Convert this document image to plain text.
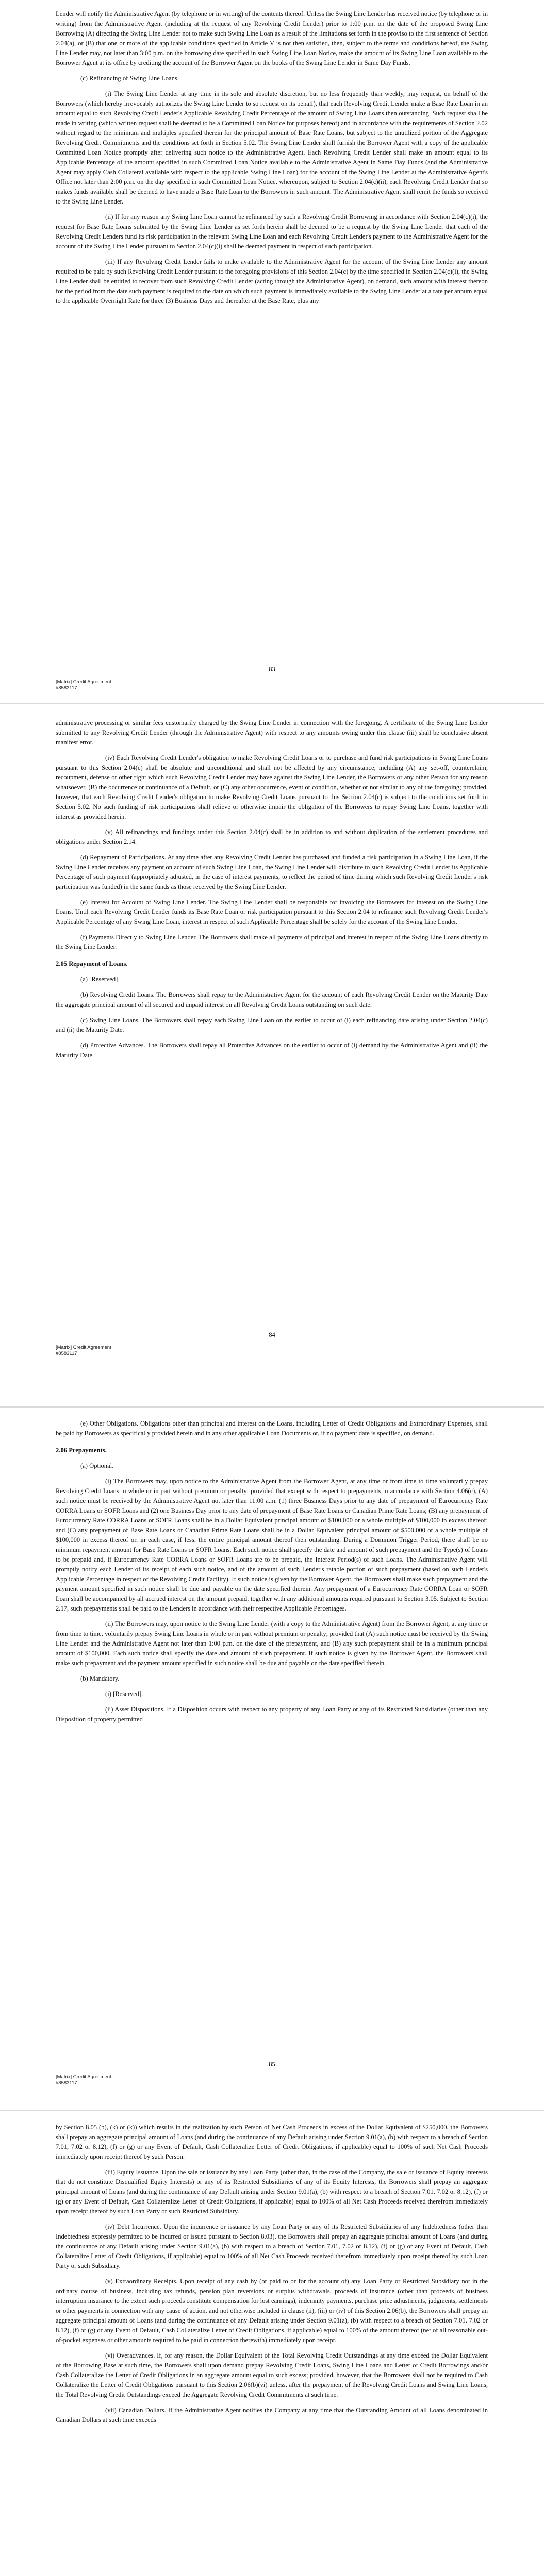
Lender will notify the Administrative Agent (by telephone or in writing) of the contents thereof. Unless the Swing Line Lender has received notice (by telephone or in writing) from the Administrative Agent (including at the request of any Revolving Credit Lender) prior to 1:00 p.m. on the date of the proposed Swing Line Borrowing (A) directing the Swing Line Lender not to make such Swing Line Loan as a result of the limitations set forth in the proviso to the first sentence of Section 2.04(a), or (B) that one or more of the applicable conditions specified in Article V is not then satisfied, then, subject to the terms and conditions hereof, the Swing Line Lender may, not later than 3:00 p.m. on the borrowing date specified in such Swing Line Loan Notice, make the amount of its Swing Line Loan available to the Borrower Agent at its office by crediting the account of the Borrower Agent on the books of the Swing Line Lender in Same Day Funds.

(c) Refinancing of Swing Line Loans.

(i) The Swing Line Lender at any time in its sole and absolute discretion, but no less frequently than weekly, may request, on behalf of the Borrowers (which hereby irrevocably authorizes the Swing Line Lender to so request on its behalf), that each Revolving Credit Lender make a Base Rate Loan in an amount equal to such Revolving Credit Lender's Applicable Revolving Credit Percentage of the amount of Swing Line Loans then outstanding. Such request shall be made in writing (which written request shall be deemed to be a Committed Loan Notice for purposes hereof) and in accordance with the requirements of Section 2.02 without regard to the minimum and multiples specified therein for the principal amount of Base Rate Loans, but subject to the unutilized portion of the Aggregate Revolving Credit Commitments and the conditions set forth in Section 5.02. The Swing Line Lender shall furnish the Borrower Agent with a copy of the applicable Committed Loan Notice promptly after delivering such notice to the Administrative Agent. Each Revolving Credit Lender shall make an amount equal to its Applicable Percentage of the amount specified in such Committed Loan Notice available to the Administrative Agent in Same Day Funds (and the Administrative Agent may apply Cash Collateral available with respect to the applicable Swing Line Loan) for the account of the Swing Line Lender at the Administrative Agent's Office not later than 2:00 p.m. on the day specified in such Committed Loan Notice, whereupon, subject to Section 2.04(c)(ii), each Revolving Credit Lender that so makes funds available shall be deemed to have made a Base Rate Loan to the Borrowers in such amount. The Administrative Agent shall remit the funds so received to the Swing Line Lender.

(ii) If for any reason any Swing Line Loan cannot be refinanced by such a Revolving Credit Borrowing in accordance with Section 2.04(c)(i), the request for Base Rate Loans submitted by the Swing Line Lender as set forth herein shall be deemed to be a request by the Swing Line Lender that each of the Revolving Credit Lenders fund its risk participation in the relevant Swing Line Loan and each Revolving Credit Lender's payment to the Administrative Agent for the account of the Swing Line Lender pursuant to Section 2.04(c)(i) shall be deemed payment in respect of such participation.

(iii) If any Revolving Credit Lender fails to make available to the Administrative Agent for the account of the Swing Line Lender any amount required to be paid by such Revolving Credit Lender pursuant to the foregoing provisions of this Section 2.04(c) by the time specified in Section 2.04(c)(i), the Swing Line Lender shall be entitled to recover from such Revolving Credit Lender (acting through the Administrative Agent), on demand, such amount with interest thereon for the period from the date such payment is required to the date on which such payment is immediately available to the Swing Line Lender at a rate per annum equal to the applicable Overnight Rate for three (3) Business Days and thereafter at the Base Rate, plus any

83
[Matrix] Credit Agreement
#8583117

administrative processing or similar fees customarily charged by the Swing Line Lender in connection with the foregoing. A certificate of the Swing Line Lender submitted to any Revolving Credit Lender (through the Administrative Agent) with respect to any amounts owing under this clause (iii) shall be conclusive absent manifest error.

(iv) Each Revolving Credit Lender's obligation to make Revolving Credit Loans or to purchase and fund risk participations in Swing Line Loans pursuant to this Section 2.04(c) shall be absolute and unconditional and shall not be affected by any circumstance, including (A) any set-off, counterclaim, recoupment, defense or other right which such Revolving Credit Lender may have against the Swing Line Lender, the Borrowers or any other Person for any reason whatsoever, (B) the occurrence or continuance of a Default, or (C) any other occurrence, event or condition, whether or not similar to any of the foregoing; provided, however, that each Revolving Credit Lender's obligation to make Revolving Credit Loans pursuant to this Section 2.04(c) is subject to the conditions set forth in Section 5.02. No such funding of risk participations shall relieve or otherwise impair the obligation of the Borrowers to repay Swing Line Loans, together with interest as provided herein.

(v) All refinancings and fundings under this Section 2.04(c) shall be in addition to and without duplication of the settlement procedures and obligations under Section 2.14.

(d) Repayment of Participations. At any time after any Revolving Credit Lender has purchased and funded a risk participation in a Swing Line Loan, if the Swing Line Lender receives any payment on account of such Swing Line Loan, the Swing Line Lender will distribute to such Revolving Credit Lender its Applicable Percentage of such payment (appropriately adjusted, in the case of interest payments, to reflect the period of time during which such Revolving Credit Lender's risk participation was funded) in the same funds as those received by the Swing Line Lender.

(e) Interest for Account of Swing Line Lender. The Swing Line Lender shall be responsible for invoicing the Borrowers for interest on the Swing Line Loans. Until each Revolving Credit Lender funds its Base Rate Loan or risk participation pursuant to this Section 2.04 to refinance such Revolving Credit Lender's Applicable Percentage of any Swing Line Loan, interest in respect of such Applicable Percentage shall be solely for the account of the Swing Line Lender.

(f) Payments Directly to Swing Line Lender. The Borrowers shall make all payments of principal and interest in respect of the Swing Line Loans directly to the Swing Line Lender.

2.05 Repayment of Loans.

(a) [Reserved]

(b) Revolving Credit Loans. The Borrowers shall repay to the Administrative Agent for the account of each Revolving Credit Lender on the Maturity Date the aggregate principal amount of all secured and unpaid interest on all Revolving Credit Loans outstanding on such date.

(c) Swing Line Loans. The Borrowers shall repay each Swing Line Loan on the earlier to occur of (i) each refinancing date arising under Section 2.04(c) and (ii) the Maturity Date.

(d) Protective Advances. The Borrowers shall repay all Protective Advances on the earlier to occur of (i) demand by the Administrative Agent and (ii) the Maturity Date.

84
[Matrix] Credit Agreement
#8583117

(e) Other Obligations. Obligations other than principal and interest on the Loans, including Letter of Credit Obligations and Extraordinary Expenses, shall be paid by Borrowers as specifically provided herein and in any other applicable Loan Documents or, if no payment date is specified, on demand.

2.06 Prepayments.

(a) Optional.

(i) The Borrowers may, upon notice to the Administrative Agent from the Borrower Agent, at any time or from time to time voluntarily prepay Revolving Credit Loans in whole or in part without premium or penalty; provided that except with respect to prepayments in accordance with Section 4.06(c), (A) such notice must be received by the Administrative Agent not later than 11:00 a.m. (1) three Business Days prior to any date of prepayment of Eurocurrency Rate CORRA Loans or SOFR Loans and (2) one Business Day prior to any date of prepayment of Base Rate Loans or Canadian Prime Rate Loans; (B) any prepayment of Eurocurrency Rate CORRA Loans or SOFR Loans shall be in a Dollar Equivalent principal amount of $100,000 or a whole multiple of $100,000 in excess thereof; and (C) any prepayment of Base Rate Loans or Canadian Prime Rate Loans shall be in a Dollar Equivalent principal amount of $500,000 or a whole multiple of $100,000 in excess thereof or, in each case, if less, the entire principal amount thereof then outstanding. During a Dominion Trigger Period, there shall be no minimum repayment amount for Base Rate Loans or SOFR Loans. Each such notice shall specify the date and amount of such prepayment and the Type(s) of Loans to be prepaid and, if Eurocurrency Rate CORRA Loans or SOFR Loans are to be prepaid, the Interest Period(s) of such Loans. The Administrative Agent will promptly notify each Lender of its receipt of each such notice, and of the amount of such Lender's ratable portion of such prepayment (based on such Lender's Applicable Percentage in respect of the Revolving Credit Facility). If such notice is given by the Borrower Agent, the Borrowers shall make such prepayment and the payment amount specified in such notice shall be due and payable on the date specified therein. Any prepayment of a Eurocurrency Rate CORRA Loan or SOFR Loan shall be accompanied by all accrued interest on the amount prepaid, together with any additional amounts required pursuant to Section 3.05. Subject to Section 2.17, such prepayments shall be paid to the Lenders in accordance with their respective Applicable Percentages.

(ii) The Borrowers may, upon notice to the Swing Line Lender (with a copy to the Administrative Agent) from the Borrower Agent, at any time or from time to time, voluntarily prepay Swing Line Loans in whole or in part without premium or penalty; provided that (A) such notice must be received by the Swing Line Lender and the Administrative Agent not later than 1:00 p.m. on the date of the prepayment, and (B) any such prepayment shall be in a minimum principal amount of $100,000. Each such notice shall specify the date and amount of such prepayment. If such notice is given by the Borrower Agent, the Borrowers shall make such prepayment and the payment amount specified in such notice shall be due and payable on the date specified therein.

(b) Mandatory.

(i) [Reserved].

(ii) Asset Dispositions. If a Disposition occurs with respect to any property of any Loan Party or any of its Restricted Subsidiaries (other than any Disposition of property permitted

85
[Matrix] Credit Agreement
#8583117

by Section 8.05 (b), (k) or (k)) which results in the realization by such Person of Net Cash Proceeds in excess of the Dollar Equivalent of $250,000, the Borrowers shall prepay an aggregate principal amount of Loans (and during the continuance of any Default arising under Section 9.01(a), (b) with respect to a breach of Section 7.01, 7.02 or 8.12), (f) or (g) or any Event of Default, Cash Collateralize Letter of Credit Obligations, if applicable) equal to 100% of such Net Cash Proceeds immediately upon receipt thereof by such Person.

(iii) Equity Issuance. Upon the sale or issuance by any Loan Party (other than, in the case of the Company, the sale or issuance of Equity Interests that do not constitute Disqualified Equity Interests) or any of its Restricted Subsidiaries of any of its Equity Interests, the Borrowers shall prepay an aggregate principal amount of Loans (and during the continuance of any Default arising under Section 9.01(a), (b) with respect to a breach of Section 7.01, 7.02 or 8.12), (f) or (g) or any Event of Default, Cash Collateralize Letter of Credit Obligations, if applicable) equal to 100% of all Net Cash Proceeds received therefrom immediately upon receipt thereof by such Loan Party or such Restricted Subsidiary.

(iv) Debt Incurrence. Upon the incurrence or issuance by any Loan Party or any of its Restricted Subsidiaries of any Indebtedness (other than Indebtedness expressly permitted to be incurred or issued pursuant to Section 8.03), the Borrowers shall prepay an aggregate principal amount of Loans (and during the continuance of any Default arising under Section 9.01(a), (b) with respect to a breach of Section 7.01, 7.02 or 8.12), (f) or (g) or any Event of Default, Cash Collateralize Letter of Credit Obligations, if applicable) equal to 100% of all Net Cash Proceeds received therefrom immediately upon receipt thereof by such Loan Party or such Subsidiary.

(v) Extraordinary Receipts. Upon receipt of any cash by (or paid to or for the account of) any Loan Party or Restricted Subsidiary not in the ordinary course of business, including tax refunds, pension plan reversions or surplus withdrawals, proceeds of insurance (other than proceeds of business interruption insurance to the extent such proceeds constitute compensation for lost earnings), indemnity payments, purchase price adjustments, judgments, settlements or other payments in connection with any cause of action, and not otherwise included in clause (ii), (iii) or (iv) of this Section 2.06(b), the Borrowers shall prepay an aggregate principal amount of Loans (and during the continuance of any Default arising under Section 9.01(a), (b) with respect to a breach of Section 7.01, 7.02 or 8.12), (f) or (g) or any Event of Default, Cash Collateralize Letter of Credit Obligations, if applicable) equal to 100% of the amount thereof (net of all reasonable out-of-pocket expenses or other amounts required to be paid in connection therewith) immediately upon receipt.

(vi) Overadvances. If, for any reason, the Dollar Equivalent of the Total Revolving Credit Outstandings at any time exceed the Dollar Equivalent of the Borrowing Base at such time, the Borrowers shall upon demand prepay Revolving Credit Loans, Swing Line Loans and Letter of Credit Borrowings and/or Cash Collateralize the Letter of Credit Obligations in an aggregate amount equal to such excess; provided, however, that the Borrowers shall not be required to Cash Collateralize the Letter of Credit Obligations pursuant to this Section 2.06(b)(vi) unless, after the prepayment of the Revolving Credit Loans and Swing Line Loans, the Total Revolving Credit Outstandings exceed the Aggregate Revolving Credit Commitments at such time.

(vii) Canadian Dollars. If the Administrative Agent notifies the Company at any time that the Outstanding Amount of all Loans denominated in Canadian Dollars at such time exceeds
